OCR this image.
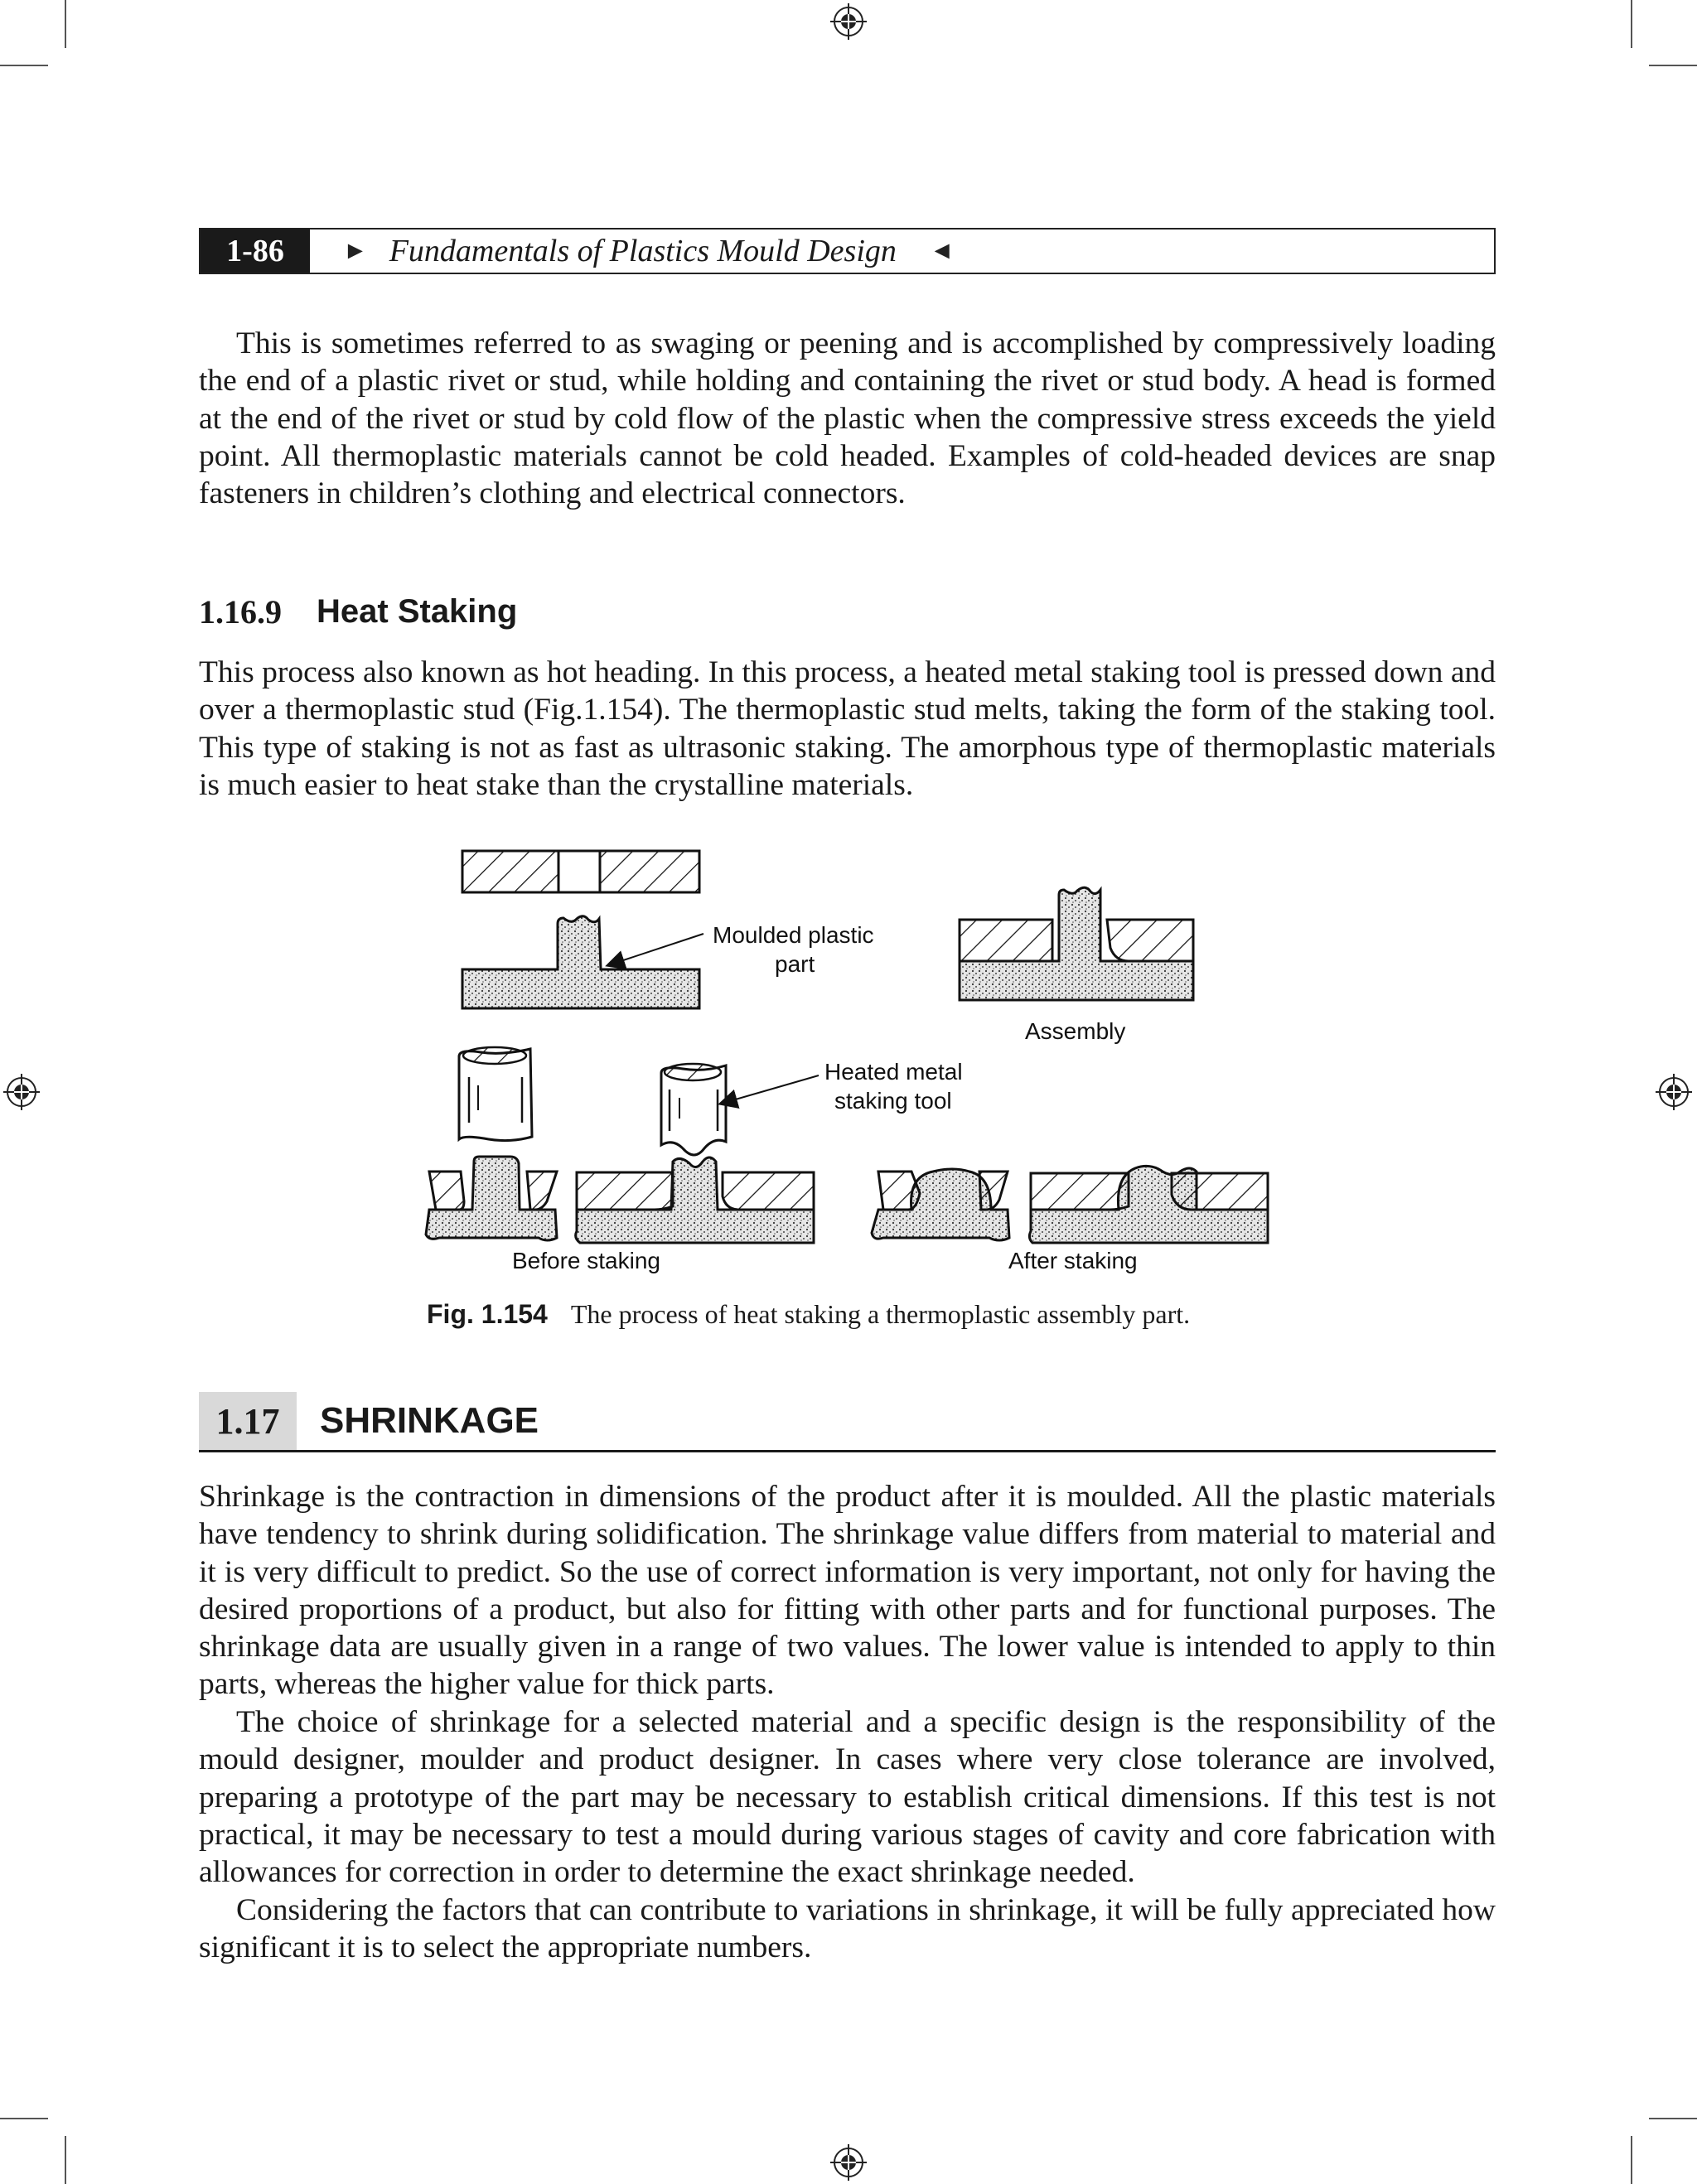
1-86	► Fundamentals of Plastics Mould Design ◄

This is sometimes referred to as swaging or peening and is accomplished by compressively loading the end of a plastic rivet or stud, while holding and containing the rivet or stud body. A head is formed at the end of the rivet or stud by cold flow of the plastic when the compressive stress exceeds the yield point. All thermoplastic materials cannot be cold headed. Examples of cold-headed devices are snap fasteners in children’s clothing and electrical connectors.

1.16.9 Heat Staking

This process also known as hot heading. In this process, a heated metal staking tool is pressed down and over a thermoplastic stud (Fig.1.154). The thermoplastic stud melts, taking the form of the staking tool. This type of staking is not as fast as ultrasonic staking. The amorphous type of thermoplastic materials is much easier to heat stake than the crystalline materials.

Moulded plastic
part
Assembly
Heated metal
staking tool
Before staking	After staking
Fig. 1.154 The process of heat staking a thermoplastic assembly part.
1.17	SHRINKAGE

Shrinkage is the contraction in dimensions of the product after it is moulded. All the plastic materials have tendency to shrink during solidification. The shrinkage value differs from material to material and it is very difficult to predict. So the use of correct information is very important, not only for having the desired proportions of a product, but also for fitting with other parts and for functional purposes. The shrinkage data are usually given in a range of two values. The lower value is intended to apply to thin parts, whereas the higher value for thick parts.

The choice of shrinkage for a selected material and a specific design is the responsibility of the mould designer, moulder and product designer. In cases where very close tolerance are involved, preparing a prototype of the part may be necessary to establish critical dimensions. If this test is not practical, it may be necessary to test a mould during various stages of cavity and core fabrication with allowances for correction in order to determine the exact shrinkage needed.

Considering the factors that can contribute to variations in shrinkage, it will be fully appreciated how significant it is to select the appropriate numbers.
